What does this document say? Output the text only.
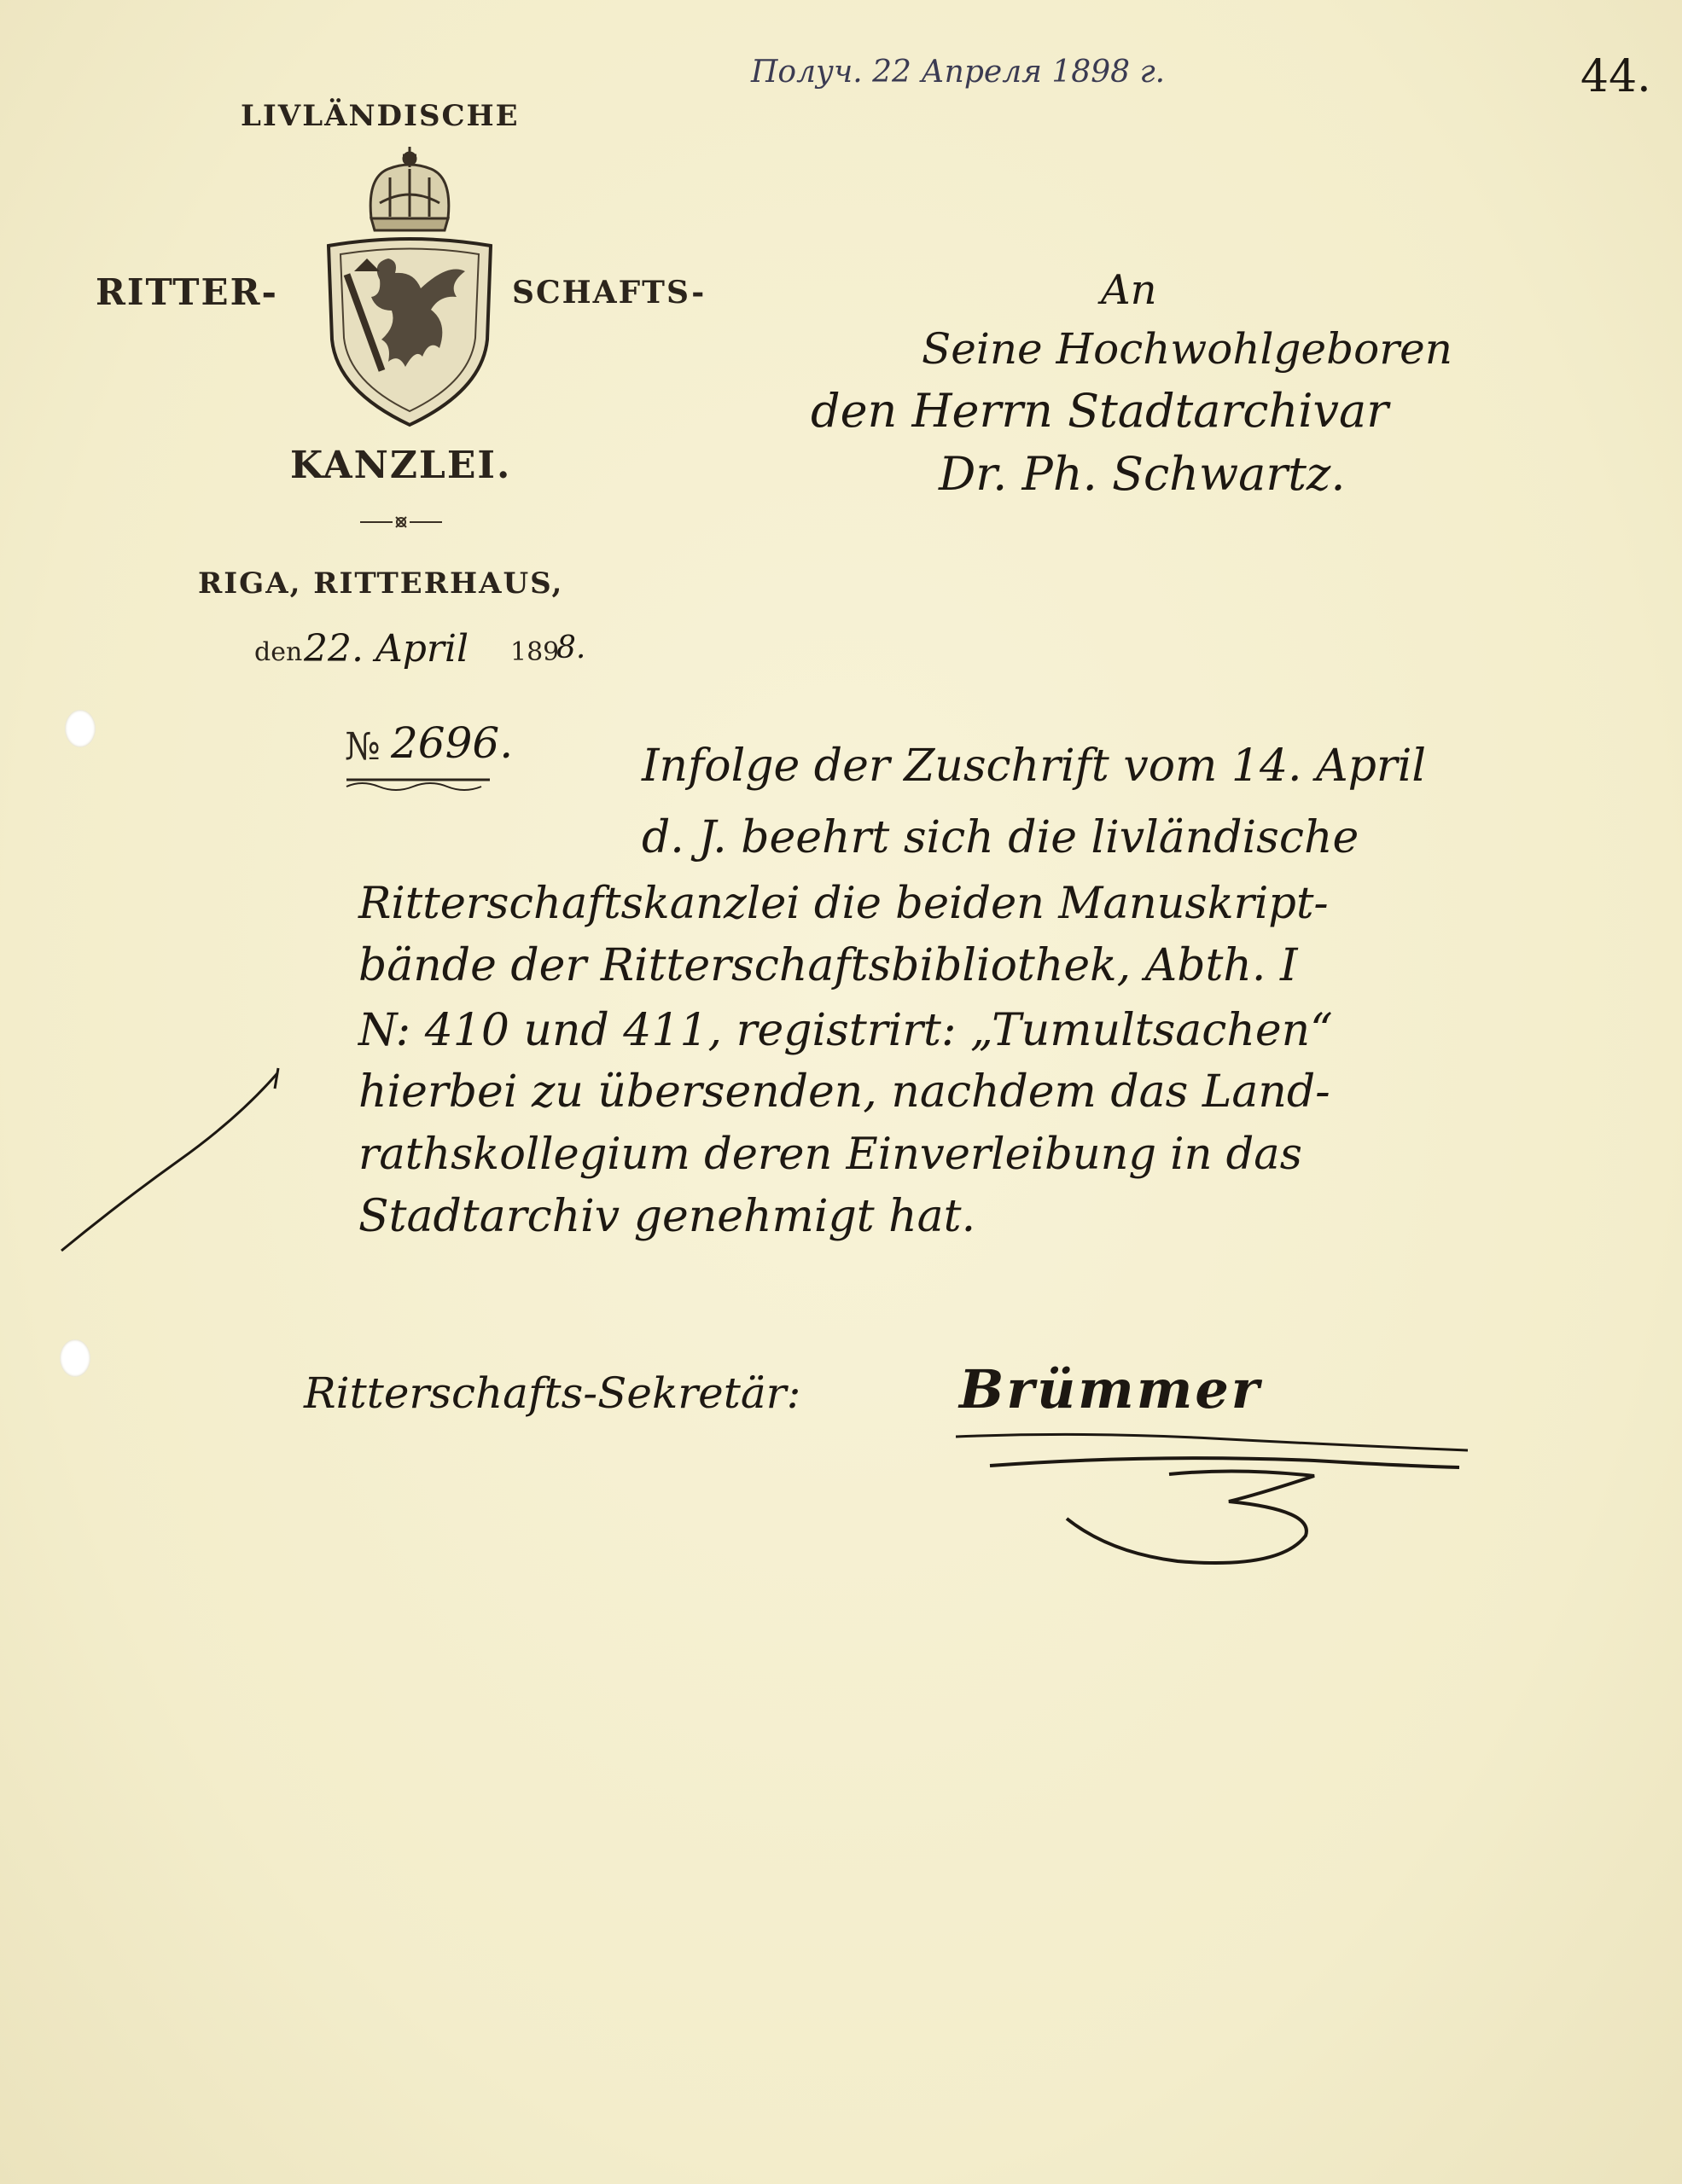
LIVLÄNDISCHE
RITTER-	SCHAFTS-
KANZLEI.
RIGA, RITTERHAUS,
den 22. April 189
8.
Получ. 22 Апреля 1898 г.	44.
An
Seine Hochwohlgeboren
den Herrn Stadtarchivar
Dr. Ph. Schwartz.
№ 2696.	Infolge der Zuschrift vom 14. April
d. J. beehrt sich die livländische
Ritterschaftskanzlei die beiden Manuskript-
bände der Ritterschaftsbibliothek, Abth. I
N: 410 und 411, registrirt: „Tumultsachen“
hierbei zu übersenden, nachdem das Land-
rathskollegium deren Einverleibung in das
Stadtarchiv genehmigt hat.
Ritterschafts-Sekretär:	Brümmer
